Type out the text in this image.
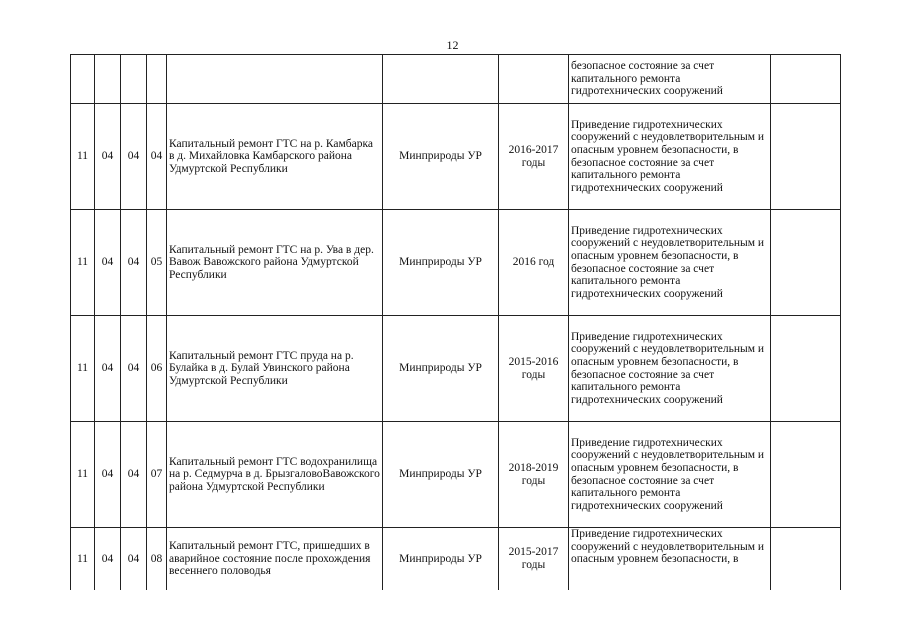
12
							безопасное состояние за счет капитального ремонта гидротехнических сооружений	
11	04	04	04	Капитальный ремонт ГТС на р. Камбарка в д. Михайловка Камбарского района Удмуртской Республики	Минприроды УР	2016-2017 годы	Приведение гидротехнических сооружений с неудовлетворительным и опасным уровнем безопасности, в безопасное состояние за счет капитального ремонта гидротехнических сооружений	
11	04	04	05	Капитальный ремонт ГТС на р. Ува в дер. Вавож Вавожского района Удмуртской Республики	Минприроды УР	2016 год	Приведение гидротехнических сооружений с неудовлетворительным и опасным уровнем безопасности, в безопасное состояние за счет капитального ремонта гидротехнических сооружений	
11	04	04	06	Капитальный ремонт ГТС пруда на р. Булайка в д. Булай Увинского района Удмуртской Республики	Минприроды УР	2015-2016 годы	Приведение гидротехнических сооружений с неудовлетворительным и опасным уровнем безопасности, в безопасное состояние за счет капитального ремонта гидротехнических сооружений	
11	04	04	07	Капитальный ремонт ГТС водохранилища на р. Седмурча в д. БрызгаловоВавожского района Удмуртской Республики	Минприроды УР	2018-2019 годы	Приведение гидротехнических сооружений с неудовлетворительным и опасным уровнем безопасности, в безопасное состояние за счет капитального ремонта гидротехнических сооружений	
11	04	04	08	Капитальный ремонт ГТС, пришедших в аварийное состояние после прохождения весеннего половодья	Минприроды УР	2015-2017 годы	Приведение гидротехнических сооружений с неудовлетворительным и опасным уровнем безопасности, в	
